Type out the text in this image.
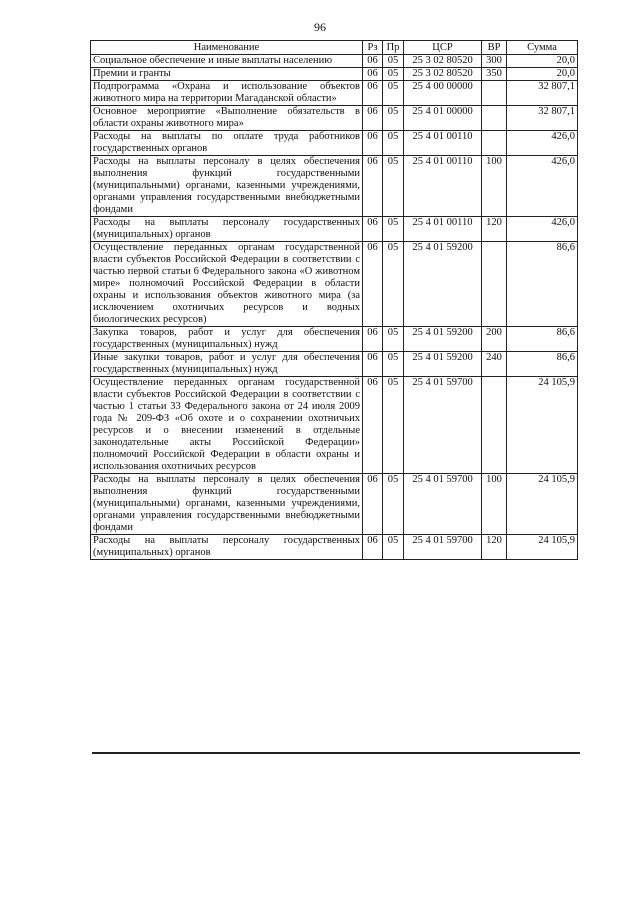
96
Наименование	Рз	Пр	ЦСР	ВР	Сумма
Социальное обеспечение и иные выплаты населению	06	05	25 3 02 80520	300	20,0
Премии и гранты	06	05	25 3 02 80520	350	20,0
Подпрограмма «Охрана и использование объектов животного мира на территории Магаданской области»	06	05	25 4 00 00000		32 807,1
Основное мероприятие «Выполнение обязательств в области охраны животного мира»	06	05	25 4 01 00000		32 807,1
Расходы на выплаты по оплате труда работников государственных органов	06	05	25 4 01 00110		426,0
Расходы на выплаты персоналу в целях обеспечения выполнения функций государственными (муниципальными) органами, казенными учреждениями, органами управления государственными внебюджетными фондами	06	05	25 4 01 00110	100	426,0
Расходы на выплаты персоналу государственных (муниципальных) органов	06	05	25 4 01 00110	120	426,0
Осуществление переданных органам государственной власти субъектов Российской Федерации в соответствии с частью первой статьи 6 Федерального закона «О животном мире» полномочий Российской Федерации в области охраны и использования объектов животного мира (за исключением охотничьих ресурсов и водных биологических ресурсов)	06	05	25 4 01 59200		86,6
Закупка товаров, работ и услуг для обеспечения государственных (муниципальных) нужд	06	05	25 4 01 59200	200	86,6
Иные закупки товаров, работ и услуг для обеспечения государственных (муниципальных) нужд	06	05	25 4 01 59200	240	86,6
Осуществление переданных органам государственной власти субъектов Российской Федерации в соответствии с частью 1 статьи 33 Федерального закона от 24 июля 2009 года № 209-ФЗ «Об охоте и о сохранении охотничьих ресурсов и о внесении изменений в отдельные законодательные акты Российской Федерации» полномочий Российской Федерации в области охраны и использования охотничьих ресурсов	06	05	25 4 01 59700		24 105,9
Расходы на выплаты персоналу в целях обеспечения выполнения функций государственными (муниципальными) органами, казенными учреждениями, органами управления государственными внебюджетными фондами	06	05	25 4 01 59700	100	24 105,9
Расходы на выплаты персоналу государственных (муниципальных) органов	06	05	25 4 01 59700	120	24 105,9
